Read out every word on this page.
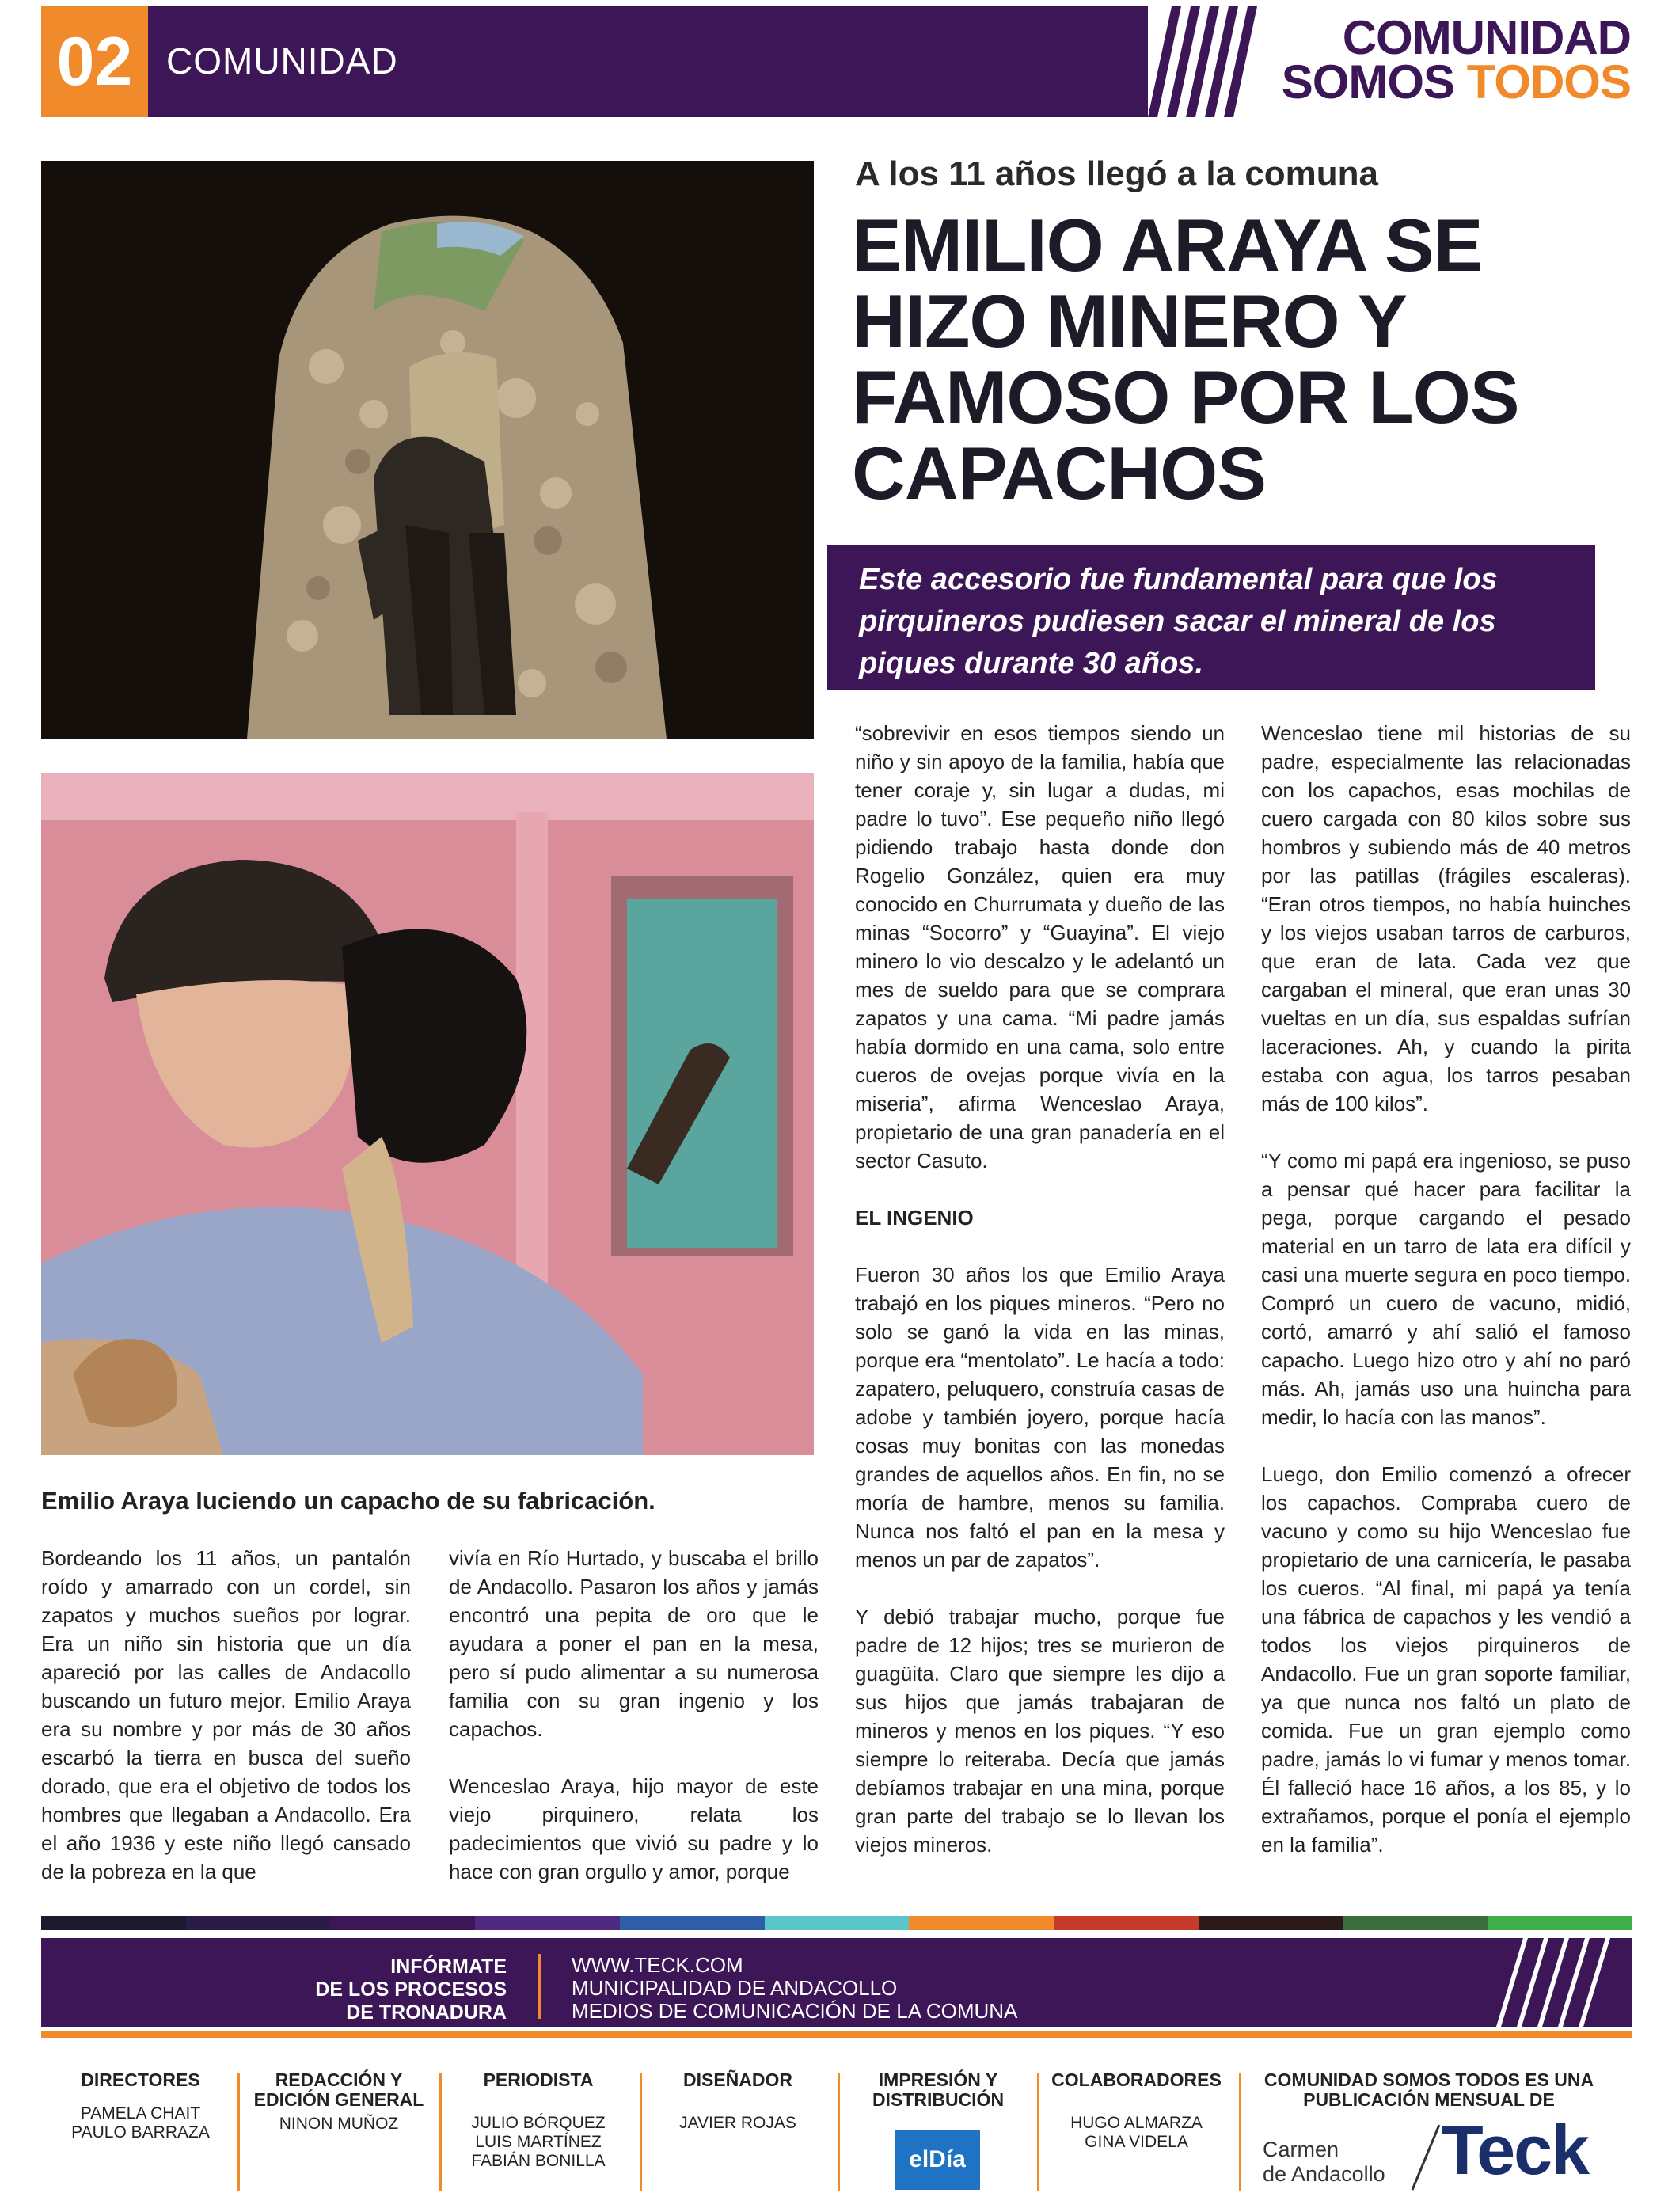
02 COMUNIDAD	COMUNIDAD
SOMOS TODOS
A los 11 años llegó a la comuna
EMILIO ARAYA SE
HIZO MINERO Y
FAMOSO POR LOS
CAPACHOS
Este accesorio fue fundamental para que los pirquineros pudiesen sacar el mineral de los piques durante 30 años.
Emilio Araya luciendo un capacho de su fabricación.

Bordeando los 11 años, un pantalón roído y amarrado con un cordel, sin zapatos y muchos sueños por lograr. Era un niño sin historia que un día apareció por las calles de Andacollo buscando un futuro mejor. Emilio Araya era su nombre y por más de 30 años escarbó la tierra en busca del sueño dorado, que era el objetivo de todos los hombres que llegaban a Andacollo. Era el año 1936 y este niño llegó cansado de la pobreza en la que

vivía en Río Hurtado, y buscaba el brillo de Andacollo. Pasaron los años y jamás encontró una pepita de oro que le ayudara a poner el pan en la mesa, pero sí pudo alimentar a su numerosa familia con su gran ingenio y los capachos.

Wenceslao Araya, hijo mayor de este viejo pirquinero, relata los padecimientos que vivió su padre y lo hace con gran orgullo y amor, porque

“sobrevivir en esos tiempos siendo un niño y sin apoyo de la familia, había que tener coraje y, sin lugar a dudas, mi padre lo tuvo”. Ese pequeño niño llegó pidiendo trabajo hasta donde don Rogelio González, quien era muy conocido en Churrumata y dueño de las minas “Socorro” y “Guayina”. El viejo minero lo vio descalzo y le adelantó un mes de sueldo para que se comprara zapatos y una cama. “Mi padre jamás había dormido en una cama, solo entre cueros de ovejas porque vivía en la miseria”, afirma Wenceslao Araya, propietario de una gran panadería en el sector Casuto.

EL INGENIO

Fueron 30 años los que Emilio Araya trabajó en los piques mineros. “Pero no solo se ganó la vida en las minas, porque era “mentolato”. Le hacía a todo: zapatero, peluquero, construía casas de adobe y también joyero, porque hacía cosas muy bonitas con las monedas grandes de aquellos años. En fin, no se moría de hambre, menos su familia. Nunca nos faltó el pan en la mesa y menos un par de zapatos”.

Y debió trabajar mucho, porque fue padre de 12 hijos; tres se murieron de guagüita. Claro que siempre les dijo a sus hijos que jamás trabajaran de mineros y menos en los piques. “Y eso siempre lo reiteraba. Decía que jamás debíamos trabajar en una mina, porque gran parte del trabajo se lo llevan los viejos mineros.

Wenceslao tiene mil historias de su padre, especialmente las relacionadas con los capachos, esas mochilas de cuero cargada con 80 kilos sobre sus hombros y subiendo más de 40 metros por las patillas (frágiles escaleras). “Eran otros tiempos, no había huinches y los viejos usaban tarros de carburos, que eran de lata. Cada vez que cargaban el mineral, que eran unas 30 vueltas en un día, sus espaldas sufrían laceraciones. Ah, y cuando la pirita estaba con agua, los tarros pesaban más de 100 kilos”.

“Y como mi papá era ingenioso, se puso a pensar qué hacer para facilitar la pega, porque cargando el pesado material en un tarro de lata era difícil y casi una muerte segura en poco tiempo. Compró un cuero de vacuno, midió, cortó, amarró y ahí salió el famoso capacho. Luego hizo otro y ahí no paró más. Ah, jamás uso una huincha para medir, lo hacía con las manos”.

Luego, don Emilio comenzó a ofrecer los capachos. Compraba cuero de vacuno y como su hijo Wenceslao fue propietario de una carnicería, le pasaba los cueros. “Al final, mi papá ya tenía una fábrica de capachos y les vendió a todos los viejos pirquineros de Andacollo. Fue un gran soporte familiar, ya que nunca nos faltó un plato de comida. Fue un gran ejemplo como padre, jamás lo vi fumar y menos tomar. Él falleció hace 16 años, a los 85, y lo extrañamos, porque el ponía el ejemplo en la familia”.

INFÓRMATE
DE LOS PROCESOS
DE TRONADURA
WWW.TECK.COM
MUNICIPALIDAD DE ANDACOLLO
MEDIOS DE COMUNICACIÓN DE LA COMUNA
DIRECTORES
PAMELA CHAIT
PAULO BARRAZA
REDACCIÓN Y EDICIÓN GENERAL
NINON MUÑOZ
PERIODISTA
JULIO BÓRQUEZ
LUIS MARTÍNEZ
FABIÁN BONILLA
DISEÑADOR
JAVIER ROJAS
IMPRESIÓN Y DISTRIBUCIÓN
elDía
COLABORADORES
HUGO ALMARZA
GINA VIDELA
COMUNIDAD SOMOS TODOS ES UNA PUBLICACIÓN MENSUAL DE
Carmen
de Andacollo Teck
